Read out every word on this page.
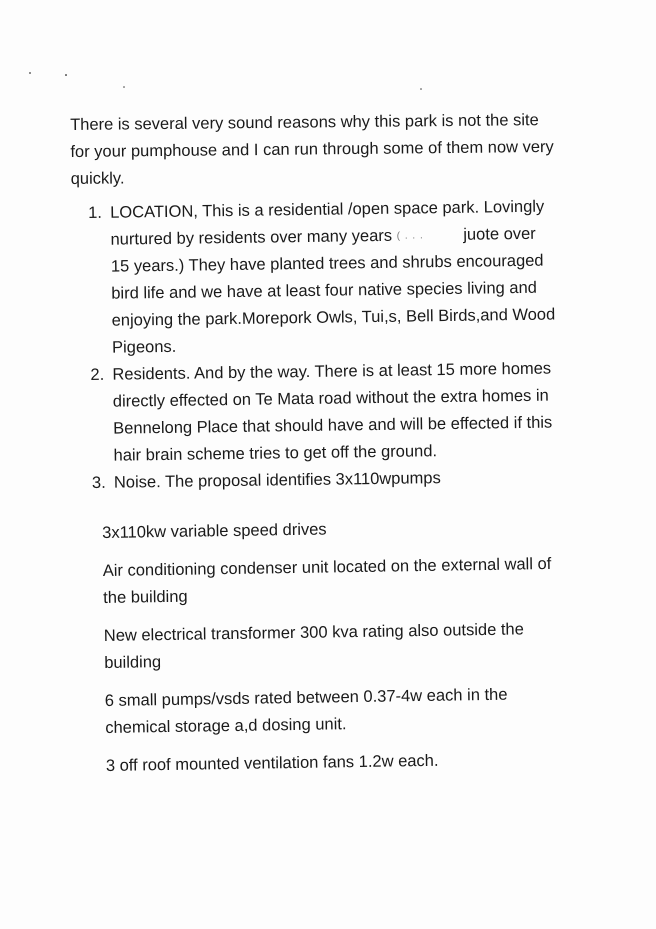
There is several very sound reasons why this park is not the site for your pumphouse and I can run through some of them now very quickly.

1. LOCATION, This is a residential /open space park. Lovingly nurtured by residents over many years ( . . . juote over 15 years.) They have planted trees and shrubs encouraged bird life and we have at least four native species living and enjoying the park.Morepork Owls, Tui,s, Bell Birds,and Wood Pigeons.
2. Residents. And by the way. There is at least 15 more homes directly effected on Te Mata road without the extra homes in Bennelong Place that should have and will be effected if this hair brain scheme tries to get off the ground.
3. Noise. The proposal identifies 3x110wpumps

3x110kw variable speed drives

Air conditioning condenser unit located on the external wall of the building

New electrical transformer 300 kva rating also outside the building

6 small pumps/vsds rated between 0.37-4w each in the chemical storage a,d dosing unit.

3 off roof mounted ventilation fans 1.2w each.
